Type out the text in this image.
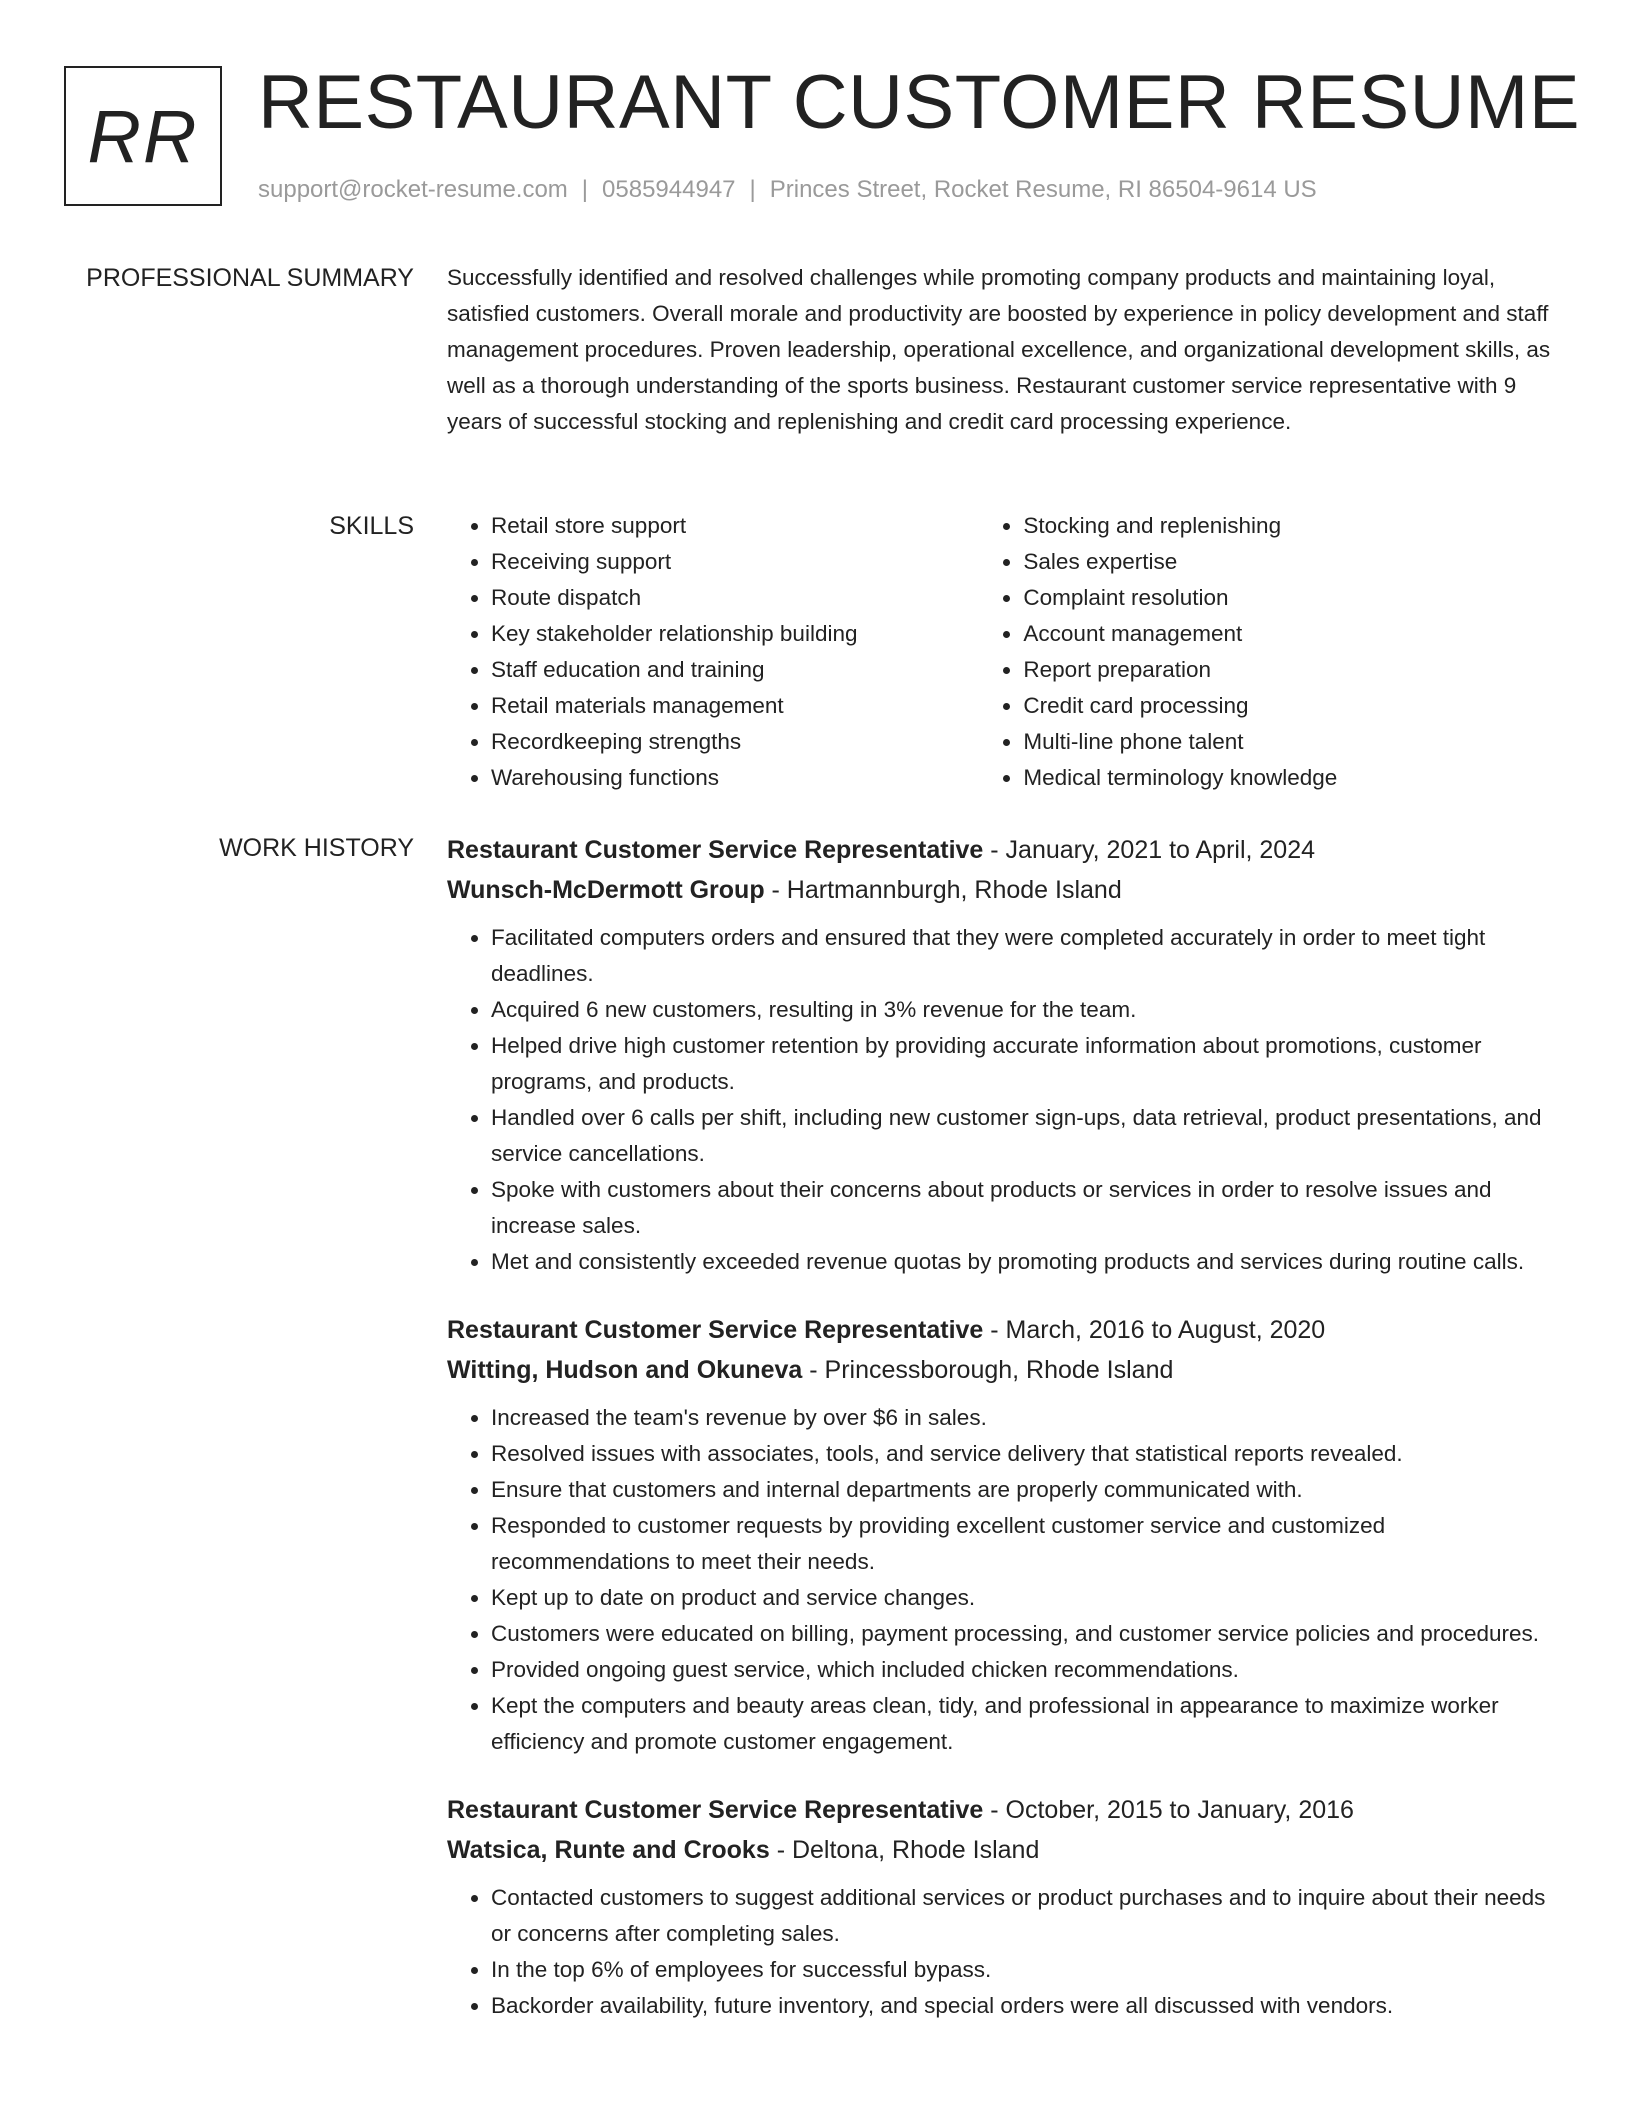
RR RESTAURANT CUSTOMER RESUME
support@rocket-resume.com | 0585944947 | Princes Street, Rocket Resume, RI 86504-9614 US
PROFESSIONAL SUMMARY Successfully identified and resolved challenges while promoting company products and maintaining loyal, satisfied customers. Overall morale and productivity are boosted by experience in policy development and staff management procedures. Proven leadership, operational excellence, and organizational development skills, as well as a thorough understanding of the sports business. Restaurant customer service representative with 9 years of successful stocking and replenishing and credit card processing experience.

SKILLS
•	Retail store support
• Receiving support
• Route dispatch
• Key stakeholder relationship building
• Staff education and training
• Retail materials management
• Recordkeeping strengths
• Warehousing functions
• Stocking and replenishing
• Sales expertise
• Complaint resolution
• Account management
• Report preparation
• Credit card processing
• Multi-line phone talent
• Medical terminology knowledge
WORK HISTORY Restaurant Customer Service Representative - January, 2021 to April, 2024
Wunsch-McDermott Group - Hartmannburgh, Rhode Island
• Facilitated computers orders and ensured that they were completed accurately in order to meet tight deadlines.
• Acquired 6 new customers, resulting in 3% revenue for the team.
• Helped drive high customer retention by providing accurate information about promotions, customer programs, and products.
• Handled over 6 calls per shift, including new customer sign-ups, data retrieval, product presentations, and service cancellations.
• Spoke with customers about their concerns about products or services in order to resolve issues and increase sales.
• Met and consistently exceeded revenue quotas by promoting products and services during routine calls.
Restaurant Customer Service Representative - March, 2016 to August, 2020
Witting, Hudson and Okuneva - Princessborough, Rhode Island
• Increased the team's revenue by over $6 in sales.
• Resolved issues with associates, tools, and service delivery that statistical reports revealed.
• Ensure that customers and internal departments are properly communicated with.
• Responded to customer requests by providing excellent customer service and customized recommendations to meet their needs.
• Kept up to date on product and service changes.
• Customers were educated on billing, payment processing, and customer service policies and procedures.
• Provided ongoing guest service, which included chicken recommendations.
• Kept the computers and beauty areas clean, tidy, and professional in appearance to maximize worker efficiency and promote customer engagement.
Restaurant Customer Service Representative - October, 2015 to January, 2016
Watsica, Runte and Crooks - Deltona, Rhode Island
• Contacted customers to suggest additional services or product purchases and to inquire about their needs or concerns after completing sales.
• In the top 6% of employees for successful bypass.
• Backorder availability, future inventory, and special orders were all discussed with vendors.
